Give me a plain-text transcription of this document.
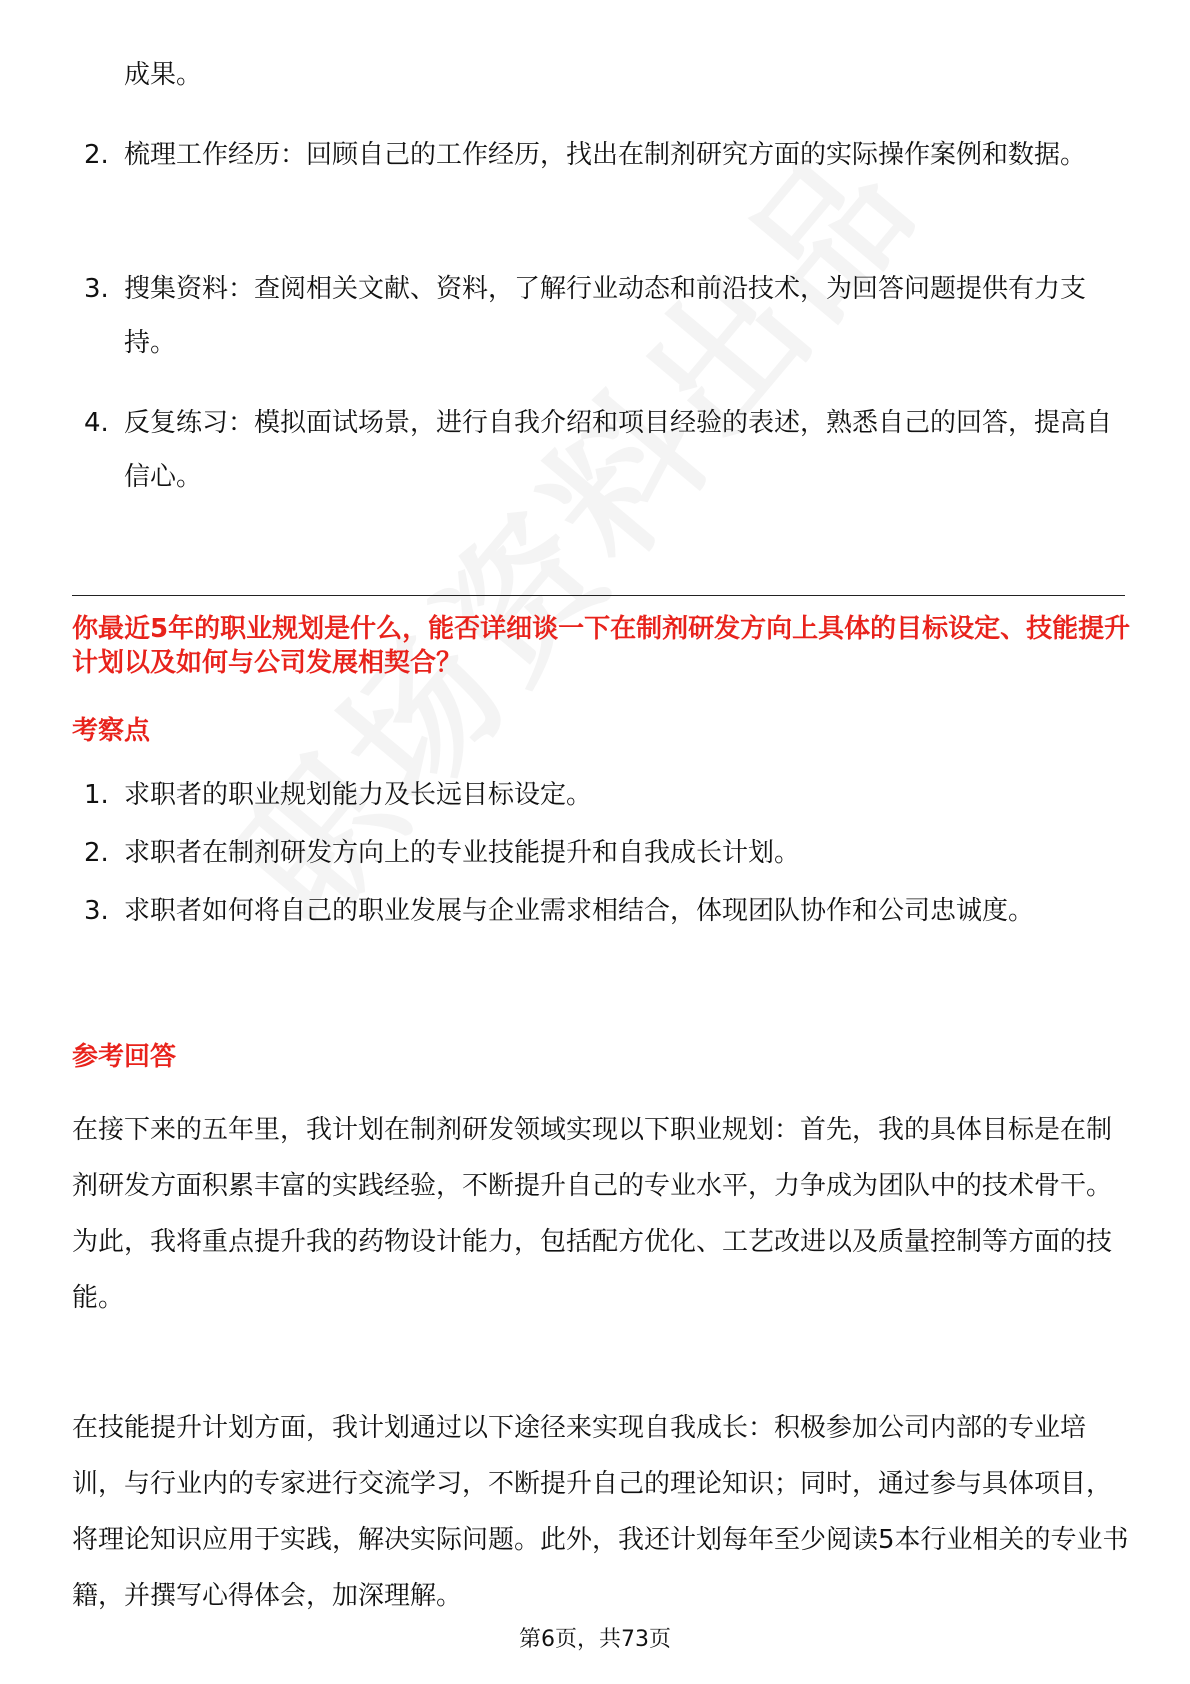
成果。
2. 梳理工作经历：回顾自己的工作经历，找出在制剂研究方面的实际操作案例和数据。
3. 搜集资料：查阅相关文献、资料，了解行业动态和前沿技术，为回答问题提供有力支持。
4. 反复练习：模拟面试场景，进行自我介绍和项目经验的表述，熟悉自己的回答，提高自信心。
你最近5年的职业规划是什么，能否详细谈一下在制剂研发方向上具体的目标设定、技能提升计划以及如何与公司发展相契合？
考察点
1. 求职者的职业规划能力及长远目标设定。
2. 求职者在制剂研发方向上的专业技能提升和自我成长计划。
3. 求职者如何将自己的职业发展与企业需求相结合，体现团队协作和公司忠诚度。
参考回答
在接下来的五年里，我计划在制剂研发领域实现以下职业规划：首先，我的具体目标是在制剂研发方面积累丰富的实践经验，不断提升自己的专业水平，力争成为团队中的技术骨干。为此，我将重点提升我的药物设计能力，包括配方优化、工艺改进以及质量控制等方面的技能。
在技能提升计划方面，我计划通过以下途径来实现自我成长：积极参加公司内部的专业培训，与行业内的专家进行交流学习，不断提升自己的理论知识；同时，通过参与具体项目，将理论知识应用于实践，解决实际问题。此外，我还计划每年至少阅读5本行业相关的专业书籍，并撰写心得体会，加深理解。
第6页，共73页
